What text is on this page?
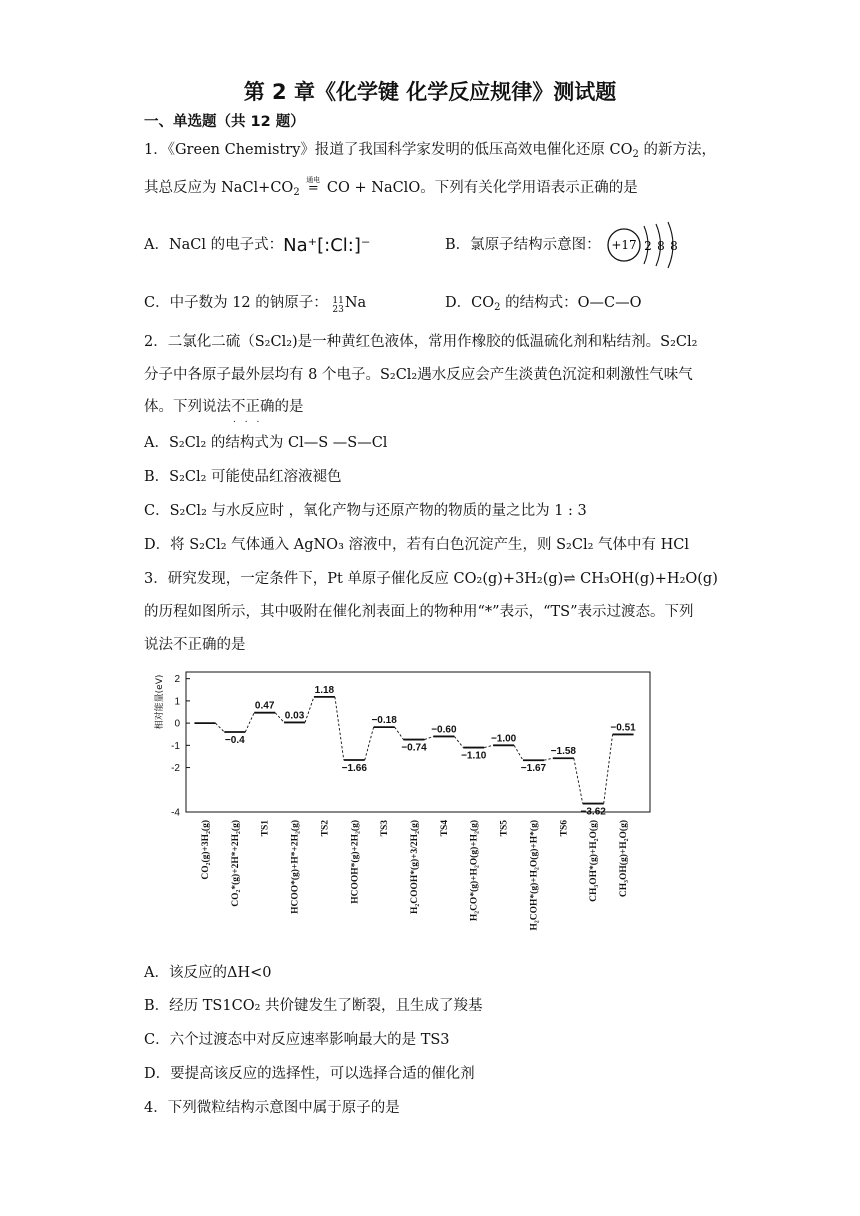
第 2 章《化学键 化学反应规律》测试题
一、单选题（共 12 题）
1．《Green Chemistry》报道了我国科学家发明的低压高效电催化还原 $CO_2$ 的新方法，
其总反应为 $NaCl+CO_2$
通电
= CO + NaClO。下列有关化学用语表示正确的是
A．NaCl 的电子式：Na⁺[:Cl:]⁻	B．氯原子结构示意图： +17 2 8 8
C．中子数为 12 的钠原子： 11
23Na	D．$CO_2$ 的结构式：O—C—O
2．二氯化二硫（S₂Cl₂)是一种黄红色液体，常用作橡胶的低温硫化剂和粘结剂。S₂Cl₂
分子中各原子最外层均有 8 个电子。S₂Cl₂遇水反应会产生淡黄色沉淀和刺激性气味气
体。下列说法不正确 . . .的是
A．S₂Cl₂ 的结构式为 Cl—S —S—Cl
B．S₂Cl₂ 可能使品红溶液褪色
C．S₂Cl₂ 与水反应时 ，氧化产物与还原产物的物质的量之比为 1 : 3
D．将 S₂Cl₂ 气体通入 AgNO₃ 溶液中，若有白色沉淀产生，则 S₂Cl₂ 气体中有 HCl
3．研究发现，一定条件下，Pt 单原子催化反应 CO₂(g)+3H₂(g)⇌ CH₃OH(g)+H₂O(g)
的历程如图所示，其中吸附在催化剂表面上的物种用“*”表示，“TS”表示过渡态。下列
说法不正确的是
相对能量(eV) 2
1
0
-1
-2
-4
CO₂(g)+3H₂(g)
−0.4
CO₂*(g)+2H*+2H₂(g)
0.47
TS1
0.03
HCOO*(g)+H*+2H₂(g)
1.18
TS2
−1.66
HCOOH*(g)+2H₂(g)
−0.18
TS3
−0.74
H₂COOH*(g)+3/2H₂(g)
−0.60
TS4
−1.10
H₂CO*(g)+H₂O(g)+H₂(g)
−1.00
TS5
−1.67
H₂COH*(g)+H₂O(g)+H*(g)
−1.58
TS6
−3.62
CH₃OH*(g)+H₂O(g)
−0.51
CH₃OH(g)+H₂O(g)
A．该反应的ΔH<0
B．经历 TS1CO₂ 共价键发生了断裂，且生成了羧基
C．六个过渡态中对反应速率影响最大的是 TS3
D．要提高该反应的选择性，可以选择合适的催化剂
4．下列微粒结构示意图中属于原子的是
